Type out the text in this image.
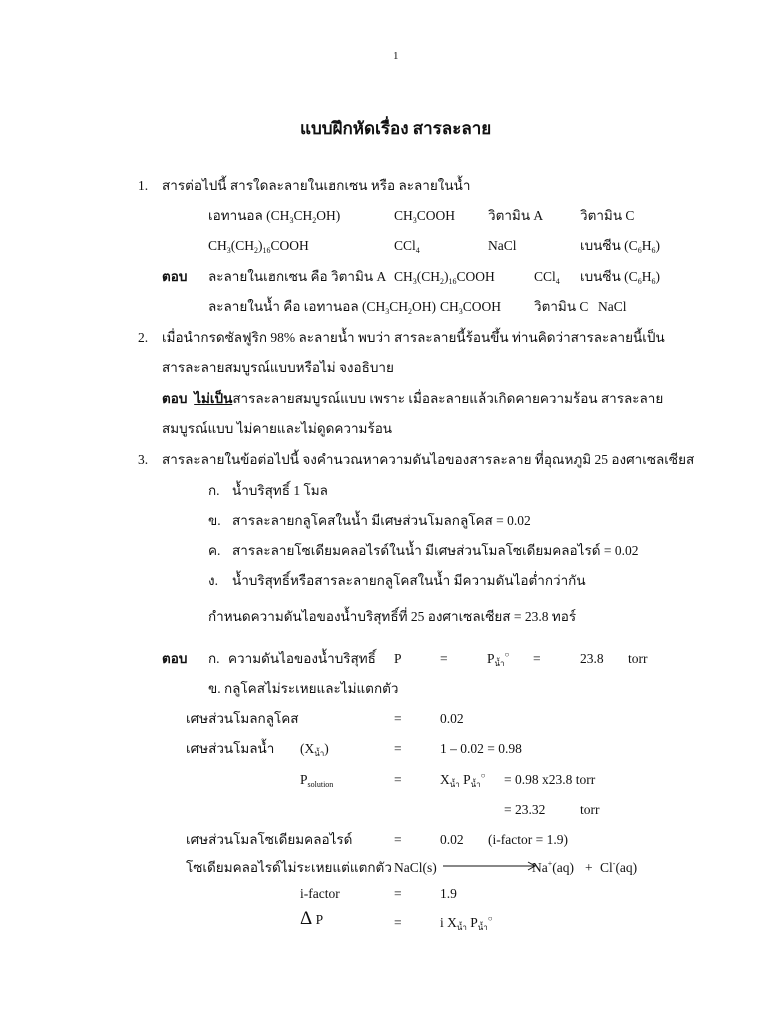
1
แบบฝึกหัดเรื่อง สารละลาย
1. สารต่อไปนี้ สารใดละลายในเฮกเซน หรือ ละลายในน้ำ
เอทานอล $(CH_3CH_2OH)$	$CH_3COOH$ วิตามิน A	วิตามิน C
$CH_3(CH_2)_{16}COOH$	CCl$_4$	NaCl	เบนซีน $(C_6H_6)$
ตอบ ละลายในเฮกเซน คือ วิตามิน A $CH_3(CH_2)_{16}COOH$	CCl$_4$ เบนซีน $(C_6H_6)$
ละลายในน้ำ คือ เอทานอล $(CH_3CH_2OH)$ $CH_3COOH$ วิตามิน C NaCl
2. เมื่อนำกรดซัลฟูริก 98% ละลายน้ำ พบว่า สารละลายนี้ร้อนขึ้น ท่านคิดว่าสารละลายนี้เป็น
สารละลายสมบูรณ์แบบหรือไม่ จงอธิบาย
ตอบ ไม่เป็นสารละลายสมบูรณ์แบบ เพราะ เมื่อละลายแล้วเกิดคายความร้อน สารละลาย
สมบูรณ์แบบ ไม่คายและไม่ดูดความร้อน
3. สารละลายในข้อต่อไปนี้ จงคำนวณหาความดันไอของสารละลาย ที่อุณหภูมิ 25 องศาเซลเซียส
ก. น้ำบริสุทธิ์ 1 โมล
ข. สารละลายกลูโคสในน้ำ มีเศษส่วนโมลกลูโคส = 0.02
ค. สารละลายโซเดียมคลอไรด์ในน้ำ มีเศษส่วนโมลโซเดียมคลอไรด์ = 0.02
ง. น้ำบริสุทธิ์หรือสารละลายกลูโคสในน้ำ มีความดันไอต่ำกว่ากัน
กำหนดความดันไอของน้ำบริสุทธิ์ที่ 25 องศาเซลเซียส = 23.8 ทอร์
ตอบ ก. ความดันไอของน้ำบริสุทธิ์ P	=	$P_{น้ำ}^○$ =	23.8 torr
ข. กลูโคสไม่ระเหยและไม่แตกตัว
เศษส่วนโมลกลูโคส	=	0.02
เศษส่วนโมลน้ำ $(X_{น้ำ})$	=	1 – 0.02 = 0.98
$P_{solution}$	=	$X_{น้ำ}$ $P_{น้ำ}^○ = 0.98$ x23.8 torr
= 23.32	torr
เศษส่วนโมลโซเดียมคลอไรด์	=	0.02 (i-factor = 1.9)
โซเดียมคลอไรด์ไม่ระเหยแต่แตกตัว NaCl(s)	Na+(aq) + Cl-(aq)
i-factor	=	1.9
Δ P	=	i $X_{น้ำ}$ $P_{น้ำ}^○$
